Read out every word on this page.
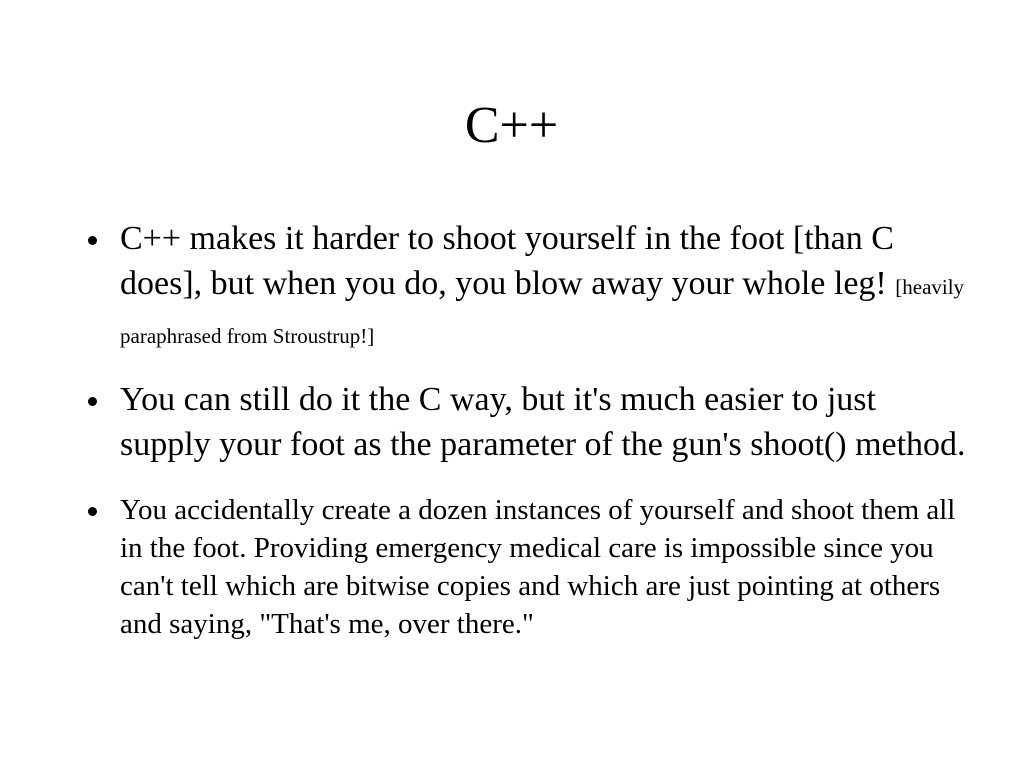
C++
C++ makes it harder to shoot yourself in the foot [than C does], but when you do, you blow away your whole leg! [heavily paraphrased from Stroustrup!]
You can still do it the C way, but it's much easier to just supply your foot as the parameter of the gun's shoot() method.
You accidentally create a dozen instances of yourself and shoot them all in the foot. Providing emergency medical care is impossible since you can't tell which are bitwise copies and which are just pointing at others and saying, "That's me, over there."
